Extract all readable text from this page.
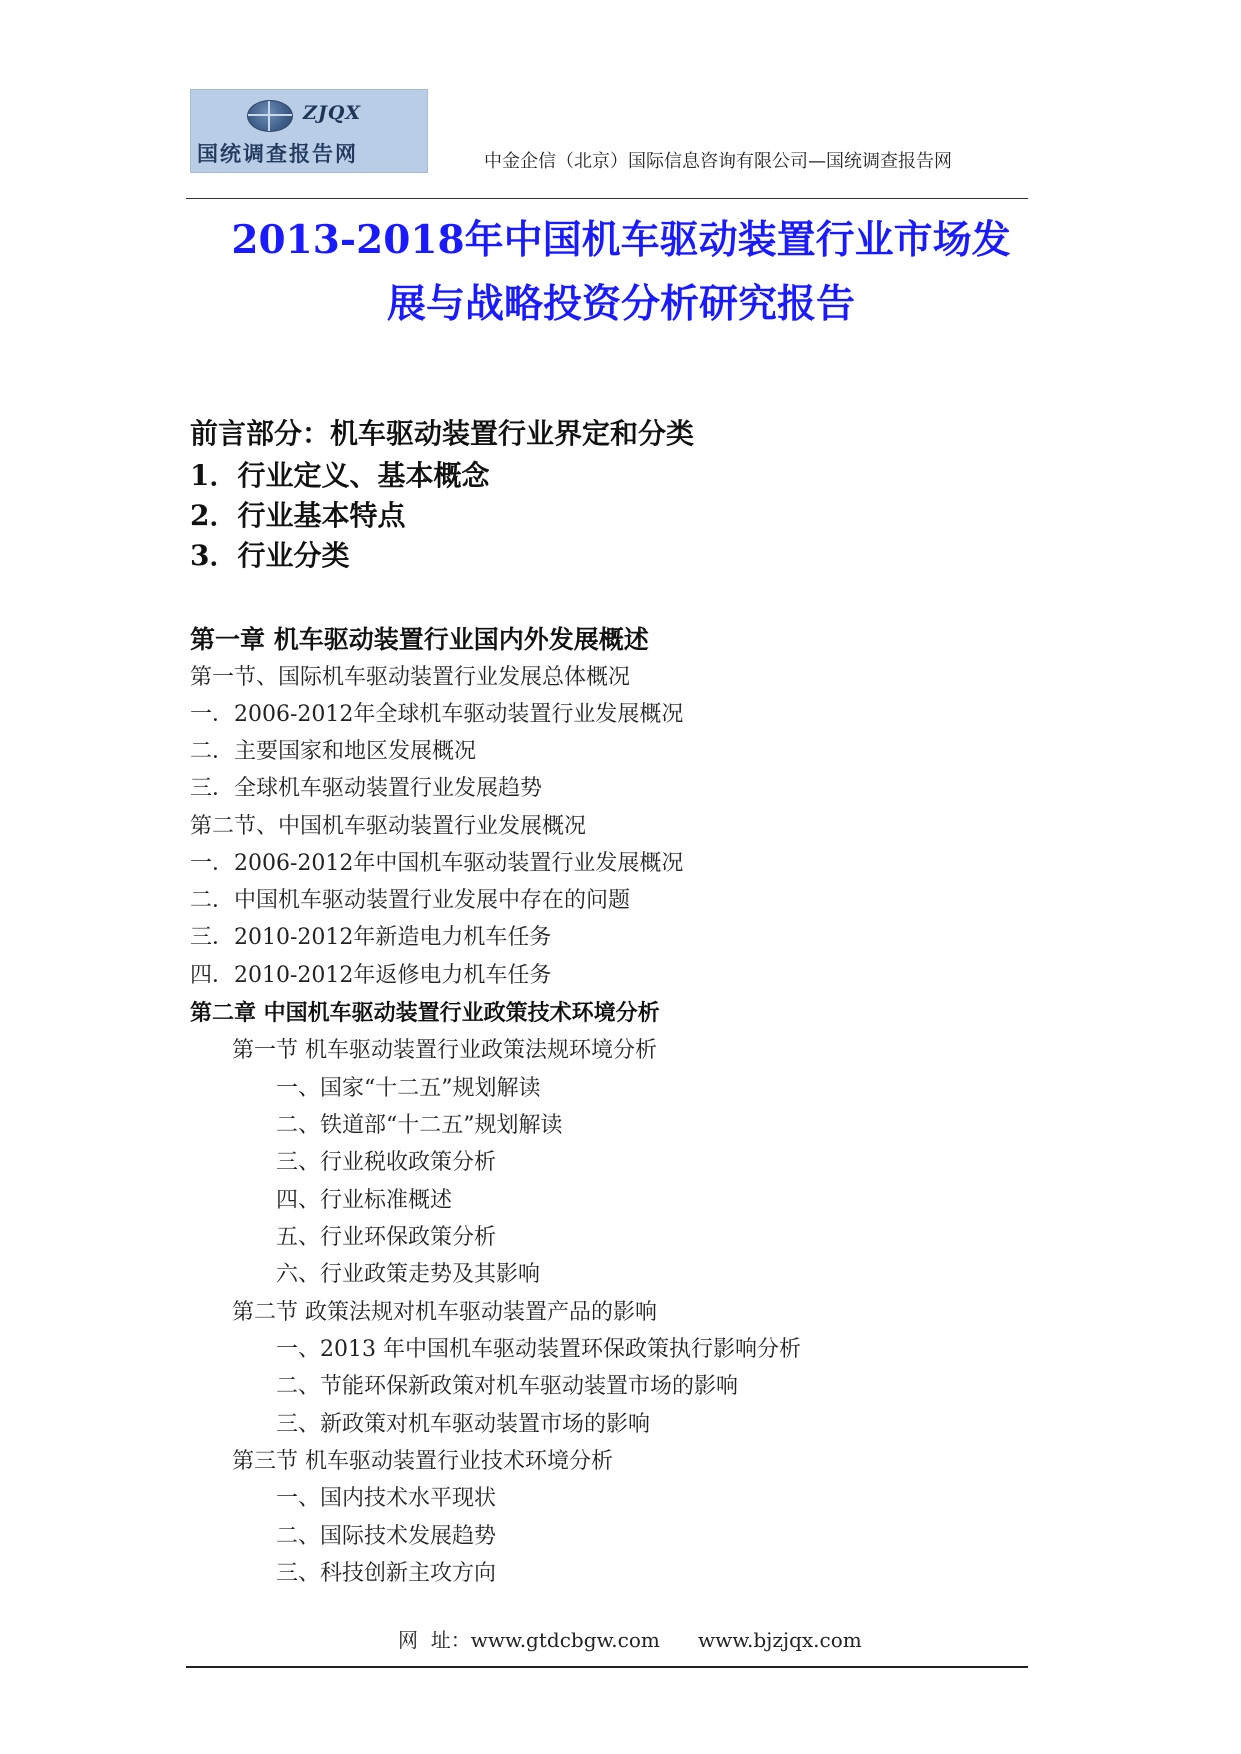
ZJQX
国统调查报告网	中金企信（北京）国际信息咨询有限公司—国统调查报告网
2013-2018年中国机车驱动装置行业市场发
展与战略投资分析研究报告
前言部分：机车驱动装置行业界定和分类
1．行业定义、基本概念
2．行业基本特点
3．行业分类
第一章 机车驱动装置行业国内外发展概述
第一节、国际机车驱动装置行业发展总体概况
一．2006-2012年全球机车驱动装置行业发展概况
二．主要国家和地区发展概况
三．全球机车驱动装置行业发展趋势
第二节、中国机车驱动装置行业发展概况
一．2006-2012年中国机车驱动装置行业发展概况
二．中国机车驱动装置行业发展中存在的问题
三．2010-2012年新造电力机车任务
四．2010-2012年返修电力机车任务
第二章 中国机车驱动装置行业政策技术环境分析
第一节 机车驱动装置行业政策法规环境分析
一、国家“十二五”规划解读
二、铁道部“十二五”规划解读
三、行业税收政策分析
四、行业标准概述
五、行业环保政策分析
六、行业政策走势及其影响
第二节 政策法规对机车驱动装置产品的影响
一、2013 年中国机车驱动装置环保政策执行影响分析
二、节能环保新政策对机车驱动装置市场的影响
三、新政策对机车驱动装置市场的影响
第三节 机车驱动装置行业技术环境分析
一、国内技术水平现状
二、国际技术发展趋势
三、科技创新主攻方向
网  址：www.gtdcbgw.com www.bjzjqx.com
